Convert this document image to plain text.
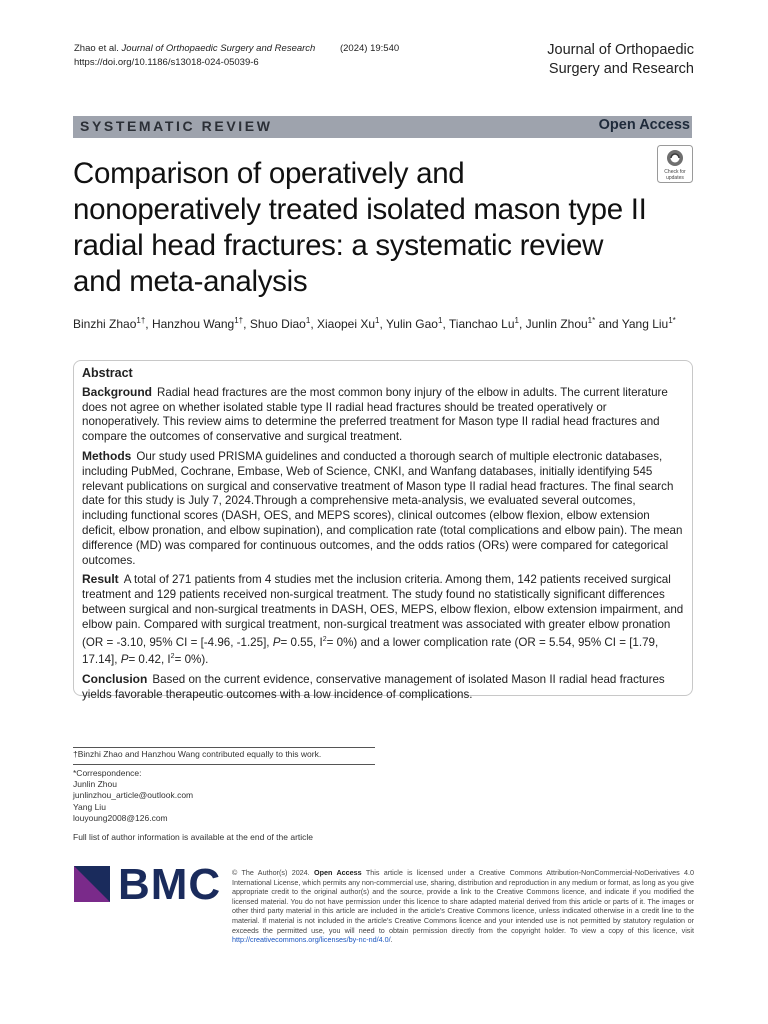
Zhao et al. Journal of Orthopaedic Surgery and Research	(2024) 19:540
https://doi.org/10.1186/s13018-024-05039-6
Journal of Orthopaedic
Surgery and Research
SYSTEMATIC REVIEW	Open Access
Check for
updates
Comparison of operatively and nonoperatively treated isolated mason type II radial head fractures: a systematic review and meta-analysis
Binzhi Zhao$^{1\dagger}$, Hanzhou Wang$^{1\dagger}$, Shuo Diao$^1$, Xiaopei Xu$^1$, Yulin Gao$^1$, Tianchao Lu$^1$, Junlin Zhou$^{1*}$ and Yang Liu$^{1*}$
Abstract
Background Radial head fractures are the most common bony injury of the elbow in adults. The current literature does not agree on whether isolated stable type II radial head fractures should be treated operatively or nonoperatively. This review aims to determine the preferred treatment for Mason type II radial head fractures and compare the outcomes of conservative and surgical treatment.
Methods Our study used PRISMA guidelines and conducted a thorough search of multiple electronic databases, including PubMed, Cochrane, Embase, Web of Science, CNKI, and Wanfang databases, initially identifying 545 relevant publications on surgical and conservative treatment of Mason type II radial head fractures. The final search date for this study is July 7, 2024.Through a comprehensive meta-analysis, we evaluated several outcomes, including functional scores (DASH, OES, and MEPS scores), clinical outcomes (elbow flexion, elbow extension deficit, elbow pronation, and elbow supination), and complication rate (total complications and elbow pain). The mean difference (MD) was compared for continuous outcomes, and the odds ratios (ORs) were compared for categorical outcomes.
Result A total of 271 patients from 4 studies met the inclusion criteria. Among them, 142 patients received surgical treatment and 129 patients received non-surgical treatment. The study found no statistically significant differences between surgical and non-surgical treatments in DASH, OES, MEPS, elbow flexion, elbow extension impairment, and elbow pain. Compared with surgical treatment, non-surgical treatment was associated with greater elbow pronation (OR = -3.10, 95% CI = [-4.96, -1.25], P= 0.55, $I^2= 0\%$) and a lower complication rate (OR = 5.54, 95% CI = [1.79, 17.14], P= 0.42, $I^2= 0\%$).
Conclusion Based on the current evidence, conservative management of isolated Mason II radial head fractures yields favorable therapeutic outcomes with a low incidence of complications.
†Binzhi Zhao and Hanzhou Wang contributed equally to this work.
*Correspondence:
Junlin Zhou
junlinzhou_article@outlook.com
Yang Liu
louyoung2008@126.com
Full list of author information is available at the end of the article
BMC © The Author(s) 2024. Open Access This article is licensed under a Creative Commons Attribution-NonCommercial-NoDerivatives 4.0 International License, which permits any non-commercial use, sharing, distribution and reproduction in any medium or format, as long as you give appropriate credit to the original author(s) and the source, provide a link to the Creative Commons licence, and indicate if you modified the licensed material. You do not have permission under this licence to share adapted material derived from this article or parts of it. The images or other third party material in this article are included in the article’s Creative Commons licence, unless indicated otherwise in a credit line to the material. If material is not included in the article’s Creative Commons licence and your intended use is not permitted by statutory regulation or exceeds the permitted use, you will need to obtain permission directly from the copyright holder. To view a copy of this licence, visit http://creativecommons.org/licenses/by-nc-nd/4.0/.
